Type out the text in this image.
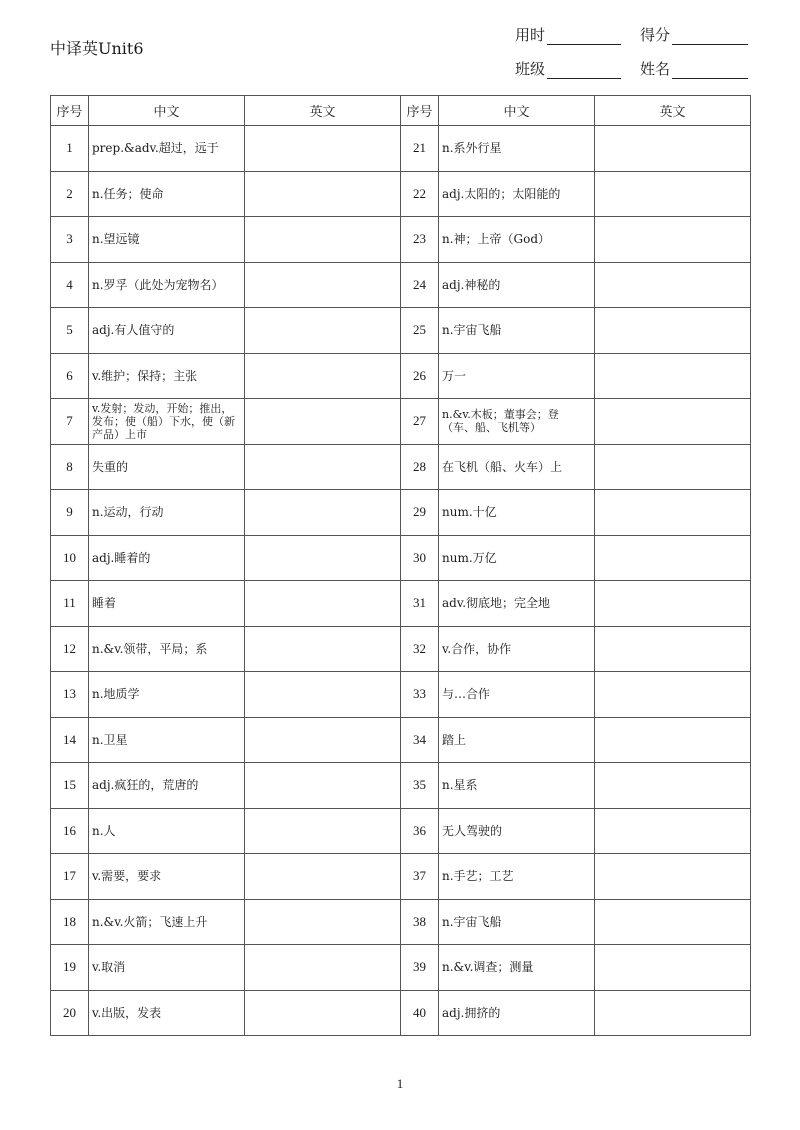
中译英Unit6
用时	得分
班级	姓名
序号	中文	英文	序号	中文	英文
1	prep.&adv.超过，远于		21	n.系外行星	
2	n.任务；使命		22	adj.太阳的；太阳能的	
3	n.望远镜		23	n.神；上帝（God）	
4	n.罗孚（此处为宠物名）		24	adj.神秘的	
5	adj.有人值守的		25	n.宇宙飞船	
6	v.维护；保持；主张		26	万一	
7	v.发射；发动，开始；推出，发布；使（船）下水，使（新产品）上市		27	n.&v.木板；董事会；登（车、船、飞机等）	
8	失重的		28	在飞机（船、火车）上	
9	n.运动，行动		29	num.十亿	
10	adj.睡着的		30	num.万亿	
11	睡着		31	adv.彻底地；完全地	
12	n.&v.领带，平局；系		32	v.合作，协作	
13	n.地质学		33	与…合作	
14	n.卫星		34	踏上	
15	adj.疯狂的，荒唐的		35	n.星系	
16	n.人		36	无人驾驶的	
17	v.需要，要求		37	n.手艺；工艺	
18	n.&v.火箭；飞速上升		38	n.宇宙飞船	
19	v.取消		39	n.&v.调查；测量	
20	v.出版，发表		40	adj.拥挤的	
1
